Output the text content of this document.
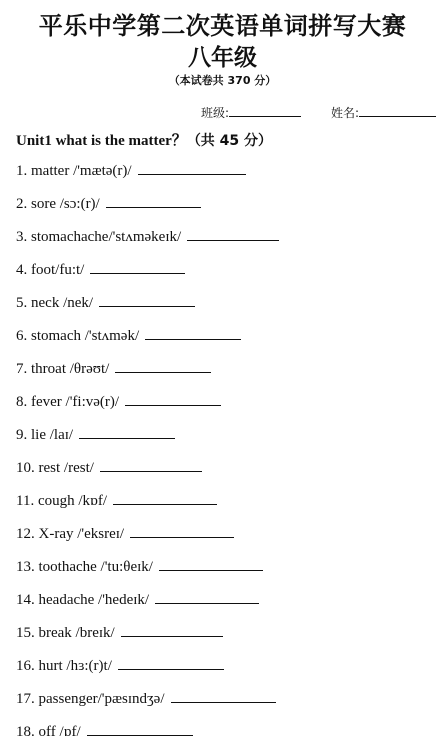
平乐中学第二次英语单词拼写大赛
八年级
（本试卷共 370 分）
班级:	姓名:
Unit1 what is the matter？（共 45 分）
1. matter /'mætə(r)/
2. sore /sɔ:(r)/
3. stomachache/'stʌməkeɪk/
4. foot/fu:t/
5. neck /nek/
6. stomach /'stʌmək/
7. throat /θrəʊt/
8. fever /'fi:və(r)/
9. lie /laɪ/
10. rest /rest/
11. cough /kɒf/
12. X-ray /'eksreɪ/
13. toothache /'tu:θeɪk/
14. headache /'hedeɪk/
15. break /breɪk/
16. hurt /hɜ:(r)t/
17. passenger/'pæsɪndʒə/
18. off /ɒf/
